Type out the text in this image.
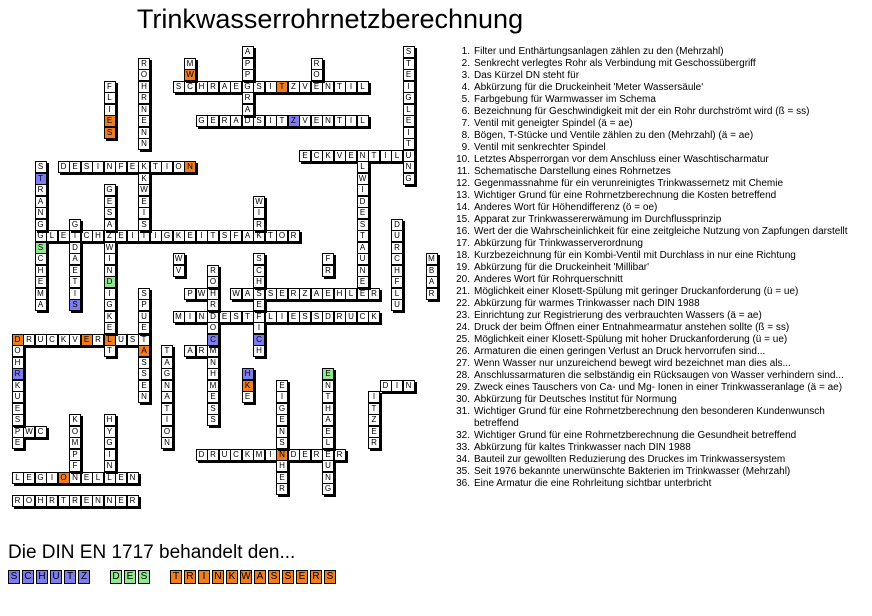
Trinkwasserrohrnetzberechnung
S C H R A E G S I T Z V E N T I	L
G E R A D S I T Z V E N T I	L
E C K V E N T I	L
D E S I N F E K T I O N
G L E I C H Z E I T I G K E I T S F A K T O R
P W H	W A S S E R Z A E H L E R
M I N D E S T F L	I E S S D R U C K
D R U C K V E R L U S T
A R M
D I N
P W C
D R U C K M I N D E R E R
L E G I O N E L L E N
R O H R T R E N N E R
A
P
P
R
A
S
T
E
I
G
L
E
I
T
U
N
G
R
O
H
R
N
E
N
N
M
W
R
O
F
L
I
E
S
S
T
R
A
N
G
S
C
H
E
M
A
G
D
A
E
T
I
S
K
W
E
I
S
G
E
S
A
W
I
N
D
I
G
K
E
T
W
V
W
I
R
S
C
H
E
I
C
H
F
R
L
W
I
D
E
S
T
A
U
N
E
D
U
R
C
H
F
L
U
R
O
R
O
C
N
S
P
U
E
A
S
S
E
N
M
B
A
R
O
H
R
K
U
E
S
E
K
O
M
P
F
H
Y
G
I
N
T
A
G
N
A
T
I
O
N
H
M
E
S
S
H
K
E
E
I
G
E
N
S
H
E
R
E
N
T
H
A
E
L
U
N
G
I
T
Z
E
R
1. Filter und Enthärtungsanlagen zählen zu den (Mehrzahl)
2. Senkrecht verlegtes Rohr als Verbindung mit Geschossübergriff
3. Das Kürzel DN steht für
4. Abkürzung für die Druckeinheit 'Meter Wassersäule'
5. Farbgebung für Warmwasser im Schema
6. Bezeichnung für Geschwindigkeit mit der ein Rohr durchströmt wird (ß = ss)
7. Ventil mit geneigter Spindel (ä = ae)
8. Bögen, T-Stücke und Ventile zählen zu den (Mehrzahl) (ä = ae)
9. Ventil mit senkrechter Spindel
10. Letztes Absperrorgan vor dem Anschluss einer Waschtischarmatur
11. Schematische Darstellung eines Rohrnetzes
12. Gegenmassnahme für ein verunreinigtes Trinkwassernetz mit Chemie
13. Wichtiger Grund für eine Rohrnetzberechnung die Kosten betreffend
14. Anderes Wort für Höhendifferenz (ö = oe)
15. Apparat zur Trinkwassererwämung im Durchflussprinzip
16. Wert der die Wahrscheinlichkeit für eine zeitgleiche Nutzung von Zapfungen darstellt
17. Abkürzung für Trinkwasserverordnung
18. Kurzbezeichnung für ein Kombi-Ventil mit Durchlass in nur eine Richtung
19. Abkürzung für die Druckeinheit 'Millibar'
20. Anderes Wort für Rohrquerschnitt
21. Möglichkeit einer Klosett-Spülung mit geringer Druckanforderung (ü = ue)
22. Abkürzung für warmes Trinkwasser nach DIN 1988
23. Einrichtung zur Registrierung des verbrauchten Wassers (ä = ae)
24. Druck der beim Öffnen einer Entnahmearmatur anstehen sollte (ß = ss)
25. Möglichkeit einer Klosett-Spülung mit hoher Druckanforderung (ü = ue)
26. Armaturen die einen geringen Verlust an Druck hervorrufen sind...
27. Wenn Wasser nur unzureichend bewegt wird bezeichnet man dies als...
28. Anschlussarmaturen die selbständig ein Rücksaugen von Wasser verhindern sind...
29. Zweck eines Tauschers von Ca- und Mg- Ionen in einer Trinkwasseranlage (ä = ae)
30. Abkürzung für Deutsches Institut für Normung
31. Wichtiger Grund für eine Rohrnetzberechnung den besonderen Kundenwunsch betreffend
32. Wichtiger Grund für eine Rohrnetzberechnung die Gesundheit betreffend
33. Abkürzung für kaltes Trinkwasser nach DIN 1988
34. Bauteil zur gewollten Reduzierung des Druckes im Trinkwassersystem
35. Seit 1976 bekannte unerwünschte Bakterien im Trinkwasser (Mehrzahl)
36. Eine Armatur die eine Rohrleitung sichtbar unterbricht
Die DIN EN 1717 behandelt den...
S C H U T Z	D E S	T R I N K W A S S E R S
